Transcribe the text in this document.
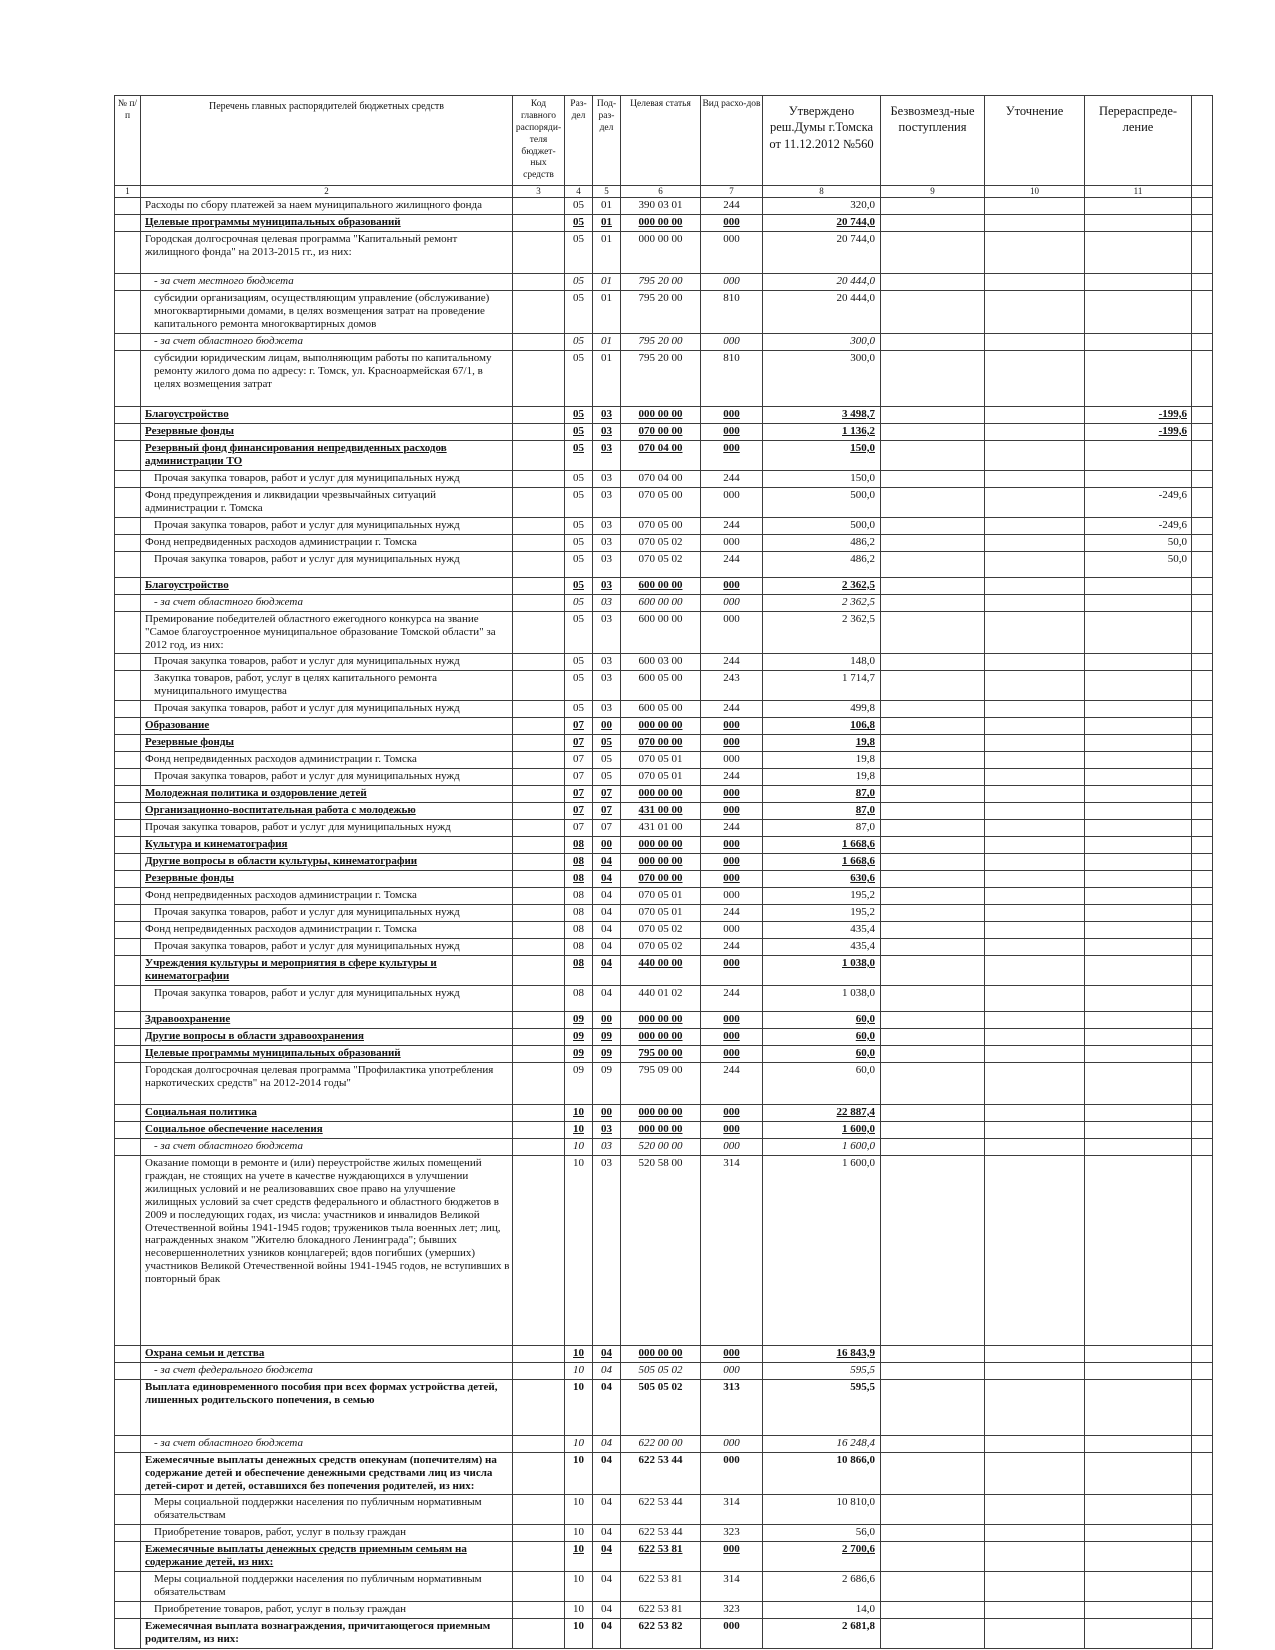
№ п/п	Перечень главных распорядителей бюджетных средств	Код главного распоряди-теля бюджет-ных средств	Раз-дел	Под-раз-дел	Целевая статья	Вид расхо-дов	Утверждено реш.Думы г.Томска от 11.12.2012 №560	Безвозмезд-ные поступления	Уточнение	Перераспреде-ление	
1	2	3	4	5	6	7	8	9	10	11	
	Расходы по сбору платежей за наем муниципального жилищного фонда		05	01	390 03 01	244	320,0				
	Целевые программы муниципальных образований		05	01	000 00 00	000	20 744,0				
	Городская долгосрочная целевая программа "Капитальный ремонт жилищного фонда" на 2013-2015 гг., из них:		05	01	000 00 00	000	20 744,0				
	- за счет местного бюджета		05	01	795 20 00	000	20 444,0				
	субсидии организациям, осуществляющим управление (обслуживание) многоквартирными домами, в целях возмещения затрат на проведение капитального ремонта многоквартирных домов		05	01	795 20 00	810	20 444,0				
	- за счет областного бюджета		05	01	795 20 00	000	300,0				
	субсидии юридическим лицам, выполняющим работы по капитальному ремонту жилого дома по адресу: г. Томск, ул. Красноармейская 67/1, в целях возмещения затрат		05	01	795 20 00	810	300,0				
	Благоустройство		05	03	000 00 00	000	3 498,7			-199,6	
	Резервные фонды		05	03	070 00 00	000	1 136,2			-199,6	
	Резервный фонд финансирования непредвиденных расходов администрации ТО		05	03	070 04 00	000	150,0				
	Прочая закупка товаров, работ и услуг для муниципальных нужд		05	03	070 04 00	244	150,0				
	Фонд предупреждения и ликвидации чрезвычайных ситуаций администрации г. Томска		05	03	070 05 00	000	500,0			-249,6	
	Прочая закупка товаров, работ и услуг для муниципальных нужд		05	03	070 05 00	244	500,0			-249,6	
	Фонд непредвиденных расходов администрации г. Томска		05	03	070 05 02	000	486,2			50,0	
	Прочая закупка товаров, работ и услуг для муниципальных нужд		05	03	070 05 02	244	486,2			50,0	
	Благоустройство		05	03	600 00 00	000	2 362,5				
	- за счет областного бюджета		05	03	600 00 00	000	2 362,5				
	Премирование победителей областного ежегодного конкурса на звание "Самое благоустроенное муниципальное образование Томской области" за 2012 год, из них:		05	03	600 00 00	000	2 362,5				
	Прочая закупка товаров, работ и услуг для муниципальных нужд		05	03	600 03 00	244	148,0				
	Закупка товаров, работ, услуг в целях капитального ремонта муниципального имущества		05	03	600 05 00	243	1 714,7				
	Прочая закупка товаров, работ и услуг для муниципальных нужд		05	03	600 05 00	244	499,8				
	Образование		07	00	000 00 00	000	106,8				
	Резервные фонды		07	05	070 00 00	000	19,8				
	Фонд непредвиденных расходов администрации г. Томска		07	05	070 05 01	000	19,8				
	Прочая закупка товаров, работ и услуг для муниципальных нужд		07	05	070 05 01	244	19,8				
	Молодежная политика и оздоровление детей		07	07	000 00 00	000	87,0				
	Организационно-воспитательная работа с молодежью		07	07	431 00 00	000	87,0				
	Прочая закупка товаров, работ и услуг для муниципальных нужд		07	07	431 01 00	244	87,0				
	Культура и кинематография		08	00	000 00 00	000	1 668,6				
	Другие вопросы в области культуры, кинематографии		08	04	000 00 00	000	1 668,6				
	Резервные фонды		08	04	070 00 00	000	630,6				
	Фонд непредвиденных расходов администрации г. Томска		08	04	070 05 01	000	195,2				
	Прочая закупка товаров, работ и услуг для муниципальных нужд		08	04	070 05 01	244	195,2				
	Фонд непредвиденных расходов администрации г. Томска		08	04	070 05 02	000	435,4				
	Прочая закупка товаров, работ и услуг для муниципальных нужд		08	04	070 05 02	244	435,4				
	Учреждения культуры и мероприятия в сфере культуры и кинематографии		08	04	440 00 00	000	1 038,0				
	Прочая закупка товаров, работ и услуг для муниципальных нужд		08	04	440 01 02	244	1 038,0				
	Здравоохранение		09	00	000 00 00	000	60,0				
	Другие вопросы в области здравоохранения		09	09	000 00 00	000	60,0				
	Целевые программы муниципальных образований		09	09	795 00 00	000	60,0				
	Городская долгосрочная целевая программа "Профилактика употребления наркотических средств" на 2012-2014 годы"		09	09	795 09 00	244	60,0				
	Социальная политика		10	00	000 00 00	000	22 887,4				
	Социальное обеспечение населения		10	03	000 00 00	000	1 600,0				
	- за счет областного бюджета		10	03	520 00 00	000	1 600,0				
	Оказание помощи в ремонте и (или) переустройстве жилых помещений граждан, не стоящих на учете в качестве нуждающихся в улучшении жилищных условий и не реализовавших свое право на улучшение жилищных условий за счет средств федерального и областного бюджетов в 2009 и последующих годах, из числа: участников и инвалидов Великой Отечественной войны 1941-1945 годов; тружеников тыла военных лет; лиц, награжденных знаком "Жителю блокадного Ленинграда"; бывших несовершеннолетних узников концлагерей; вдов погибших (умерших) участников Великой Отечественной войны 1941-1945 годов, не вступивших в повторный брак		10	03	520 58 00	314	1 600,0				
	Охрана семьи и детства		10	04	000 00 00	000	16 843,9				
	- за счет федерального бюджета		10	04	505 05 02	000	595,5				
	Выплата единовременного пособия при всех формах устройства детей, лишенных родительского попечения, в семью		10	04	505 05 02	313	595,5				
	- за счет областного бюджета		10	04	622 00 00	000	16 248,4				
	Ежемесячные выплаты денежных средств опекунам (попечителям) на содержание детей и обеспечение денежными средствами лиц из числа детей-сирот и детей, оставшихся без попечения родителей, из них:		10	04	622 53 44	000	10 866,0				
	Меры социальной поддержки населения по публичным нормативным обязательствам		10	04	622 53 44	314	10 810,0				
	Приобретение товаров, работ, услуг в пользу граждан		10	04	622 53 44	323	56,0				
	Ежемесячные выплаты денежных средств приемным семьям на содержание детей, из них:		10	04	622 53 81	000	2 700,6				
	Меры социальной поддержки населения по публичным нормативным обязательствам		10	04	622 53 81	314	2 686,6				
	Приобретение товаров, работ, услуг в пользу граждан		10	04	622 53 81	323	14,0				
	Ежемесячная выплата вознаграждения, причитающегося приемным родителям, из них:		10	04	622 53 82	000	2 681,8				
